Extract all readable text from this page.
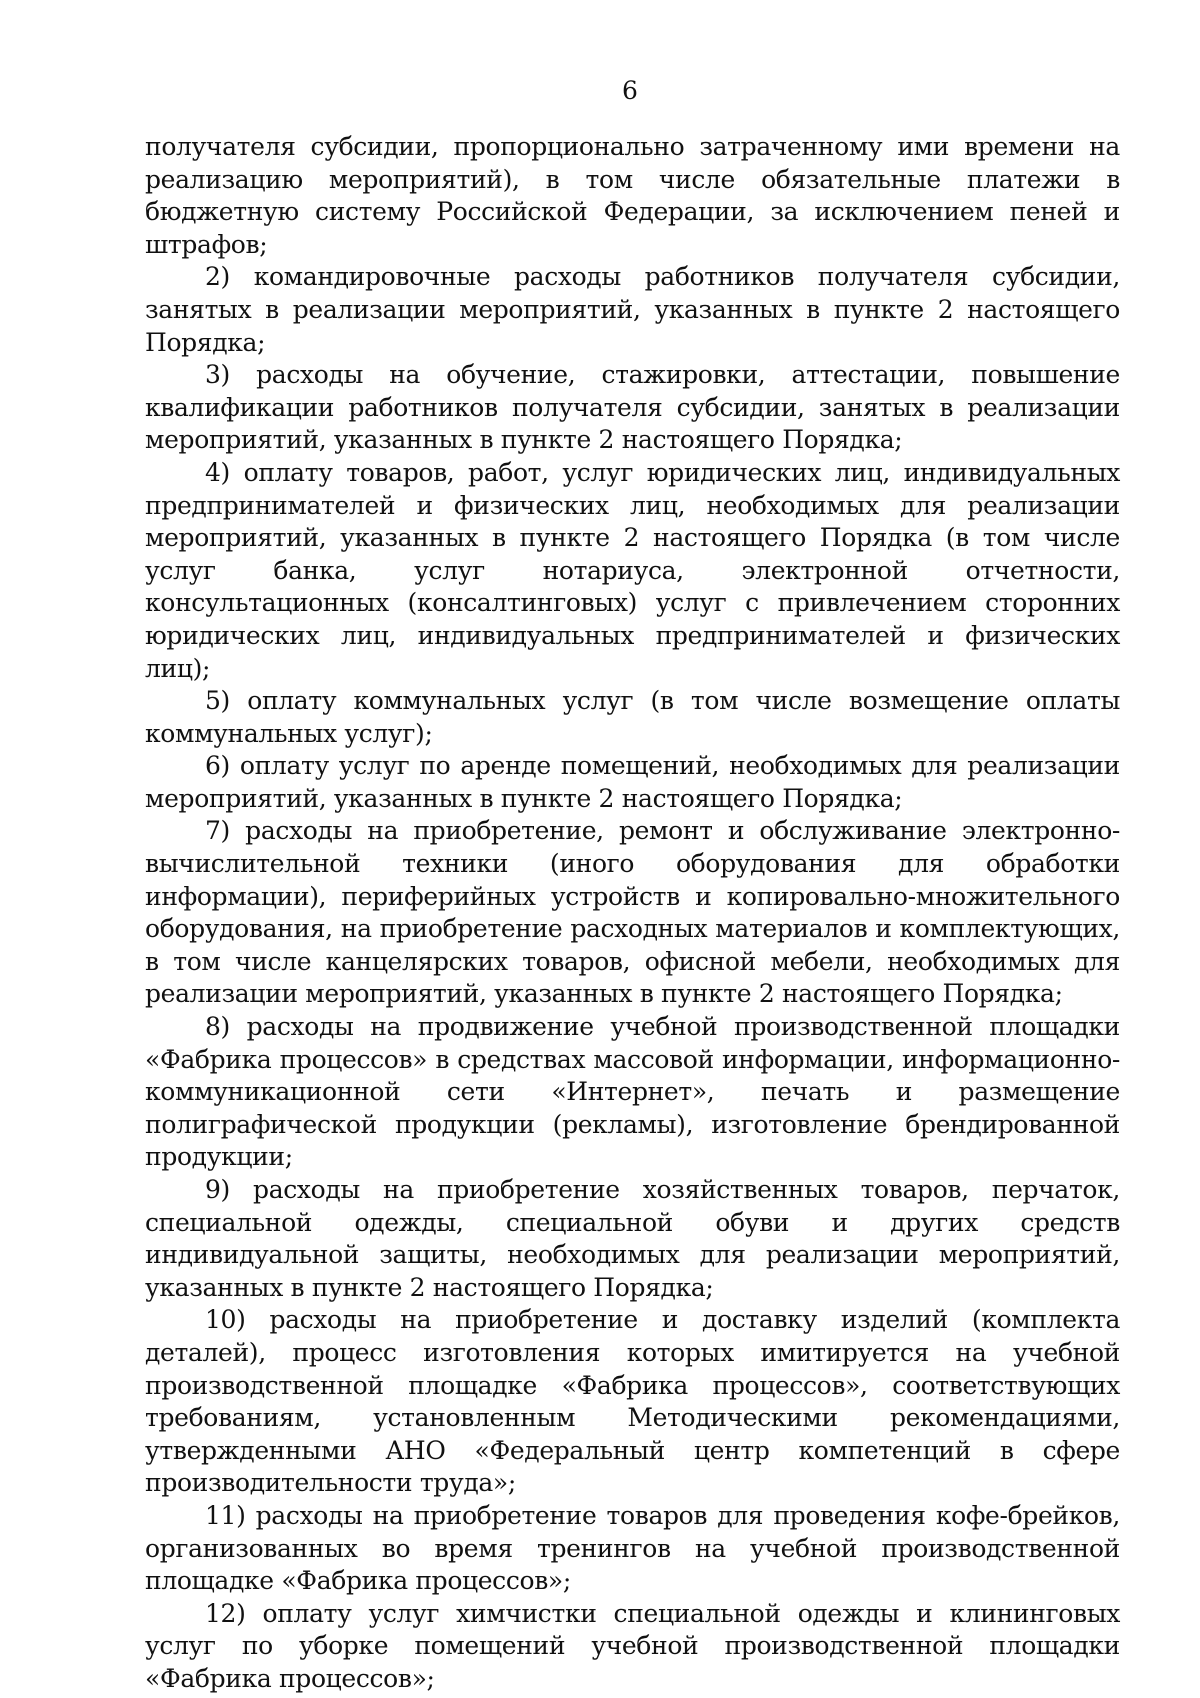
6

получателя субсидии, пропорционально затраченному ими времени на реализацию мероприятий), в том числе обязательные платежи в бюджетную систему Российской Федерации, за исключением пеней и штрафов;

2) командировочные расходы работников получателя субсидии, занятых в реализации мероприятий, указанных в пункте 2 настоящего Порядка;

3) расходы на обучение, стажировки, аттестации, повышение квалификации работников получателя субсидии, занятых в реализации мероприятий, указанных в пункте 2 настоящего Порядка;

4) оплату товаров, работ, услуг юридических лиц, индивидуальных предпринимателей и физических лиц, необходимых для реализации мероприятий, указанных в пункте 2 настоящего Порядка (в том числе услуг банка, услуг нотариуса, электронной отчетности, консультационных (консалтинговых) услуг с привлечением сторонних юридических лиц, индивидуальных предпринимателей и физических лиц);

5) оплату коммунальных услуг (в том числе возмещение оплаты коммунальных услуг);

6) оплату услуг по аренде помещений, необходимых для реализации мероприятий, указанных в пункте 2 настоящего Порядка;

7) расходы на приобретение, ремонт и обслуживание электронно-вычислительной техники (иного оборудования для обработки информации), периферийных устройств и копировально-множительного оборудования, на приобретение расходных материалов и комплектующих, в том числе канцелярских товаров, офисной мебели, необходимых для реализации мероприятий, указанных в пункте 2 настоящего Порядка;

8) расходы на продвижение учебной производственной площадки «Фабрика процессов» в средствах массовой информации, информационно-коммуникационной сети «Интернет», печать и размещение полиграфической продукции (рекламы), изготовление брендированной продукции;

9) расходы на приобретение хозяйственных товаров, перчаток, специальной одежды, специальной обуви и других средств индивидуальной защиты, необходимых для реализации мероприятий, указанных в пункте 2 настоящего Порядка;

10) расходы на приобретение и доставку изделий (комплекта деталей), процесс изготовления которых имитируется на учебной производственной площадке «Фабрика процессов», соответствующих требованиям, установленным Методическими рекомендациями, утвержденными АНО «Федеральный центр компетенций в сфере производительности труда»;

11) расходы на приобретение товаров для проведения кофе-брейков, организованных во время тренингов на учебной производственной площадке «Фабрика процессов»;

12) оплату услуг химчистки специальной одежды и клининговых услуг по уборке помещений учебной производственной площадки «Фабрика процессов»;
